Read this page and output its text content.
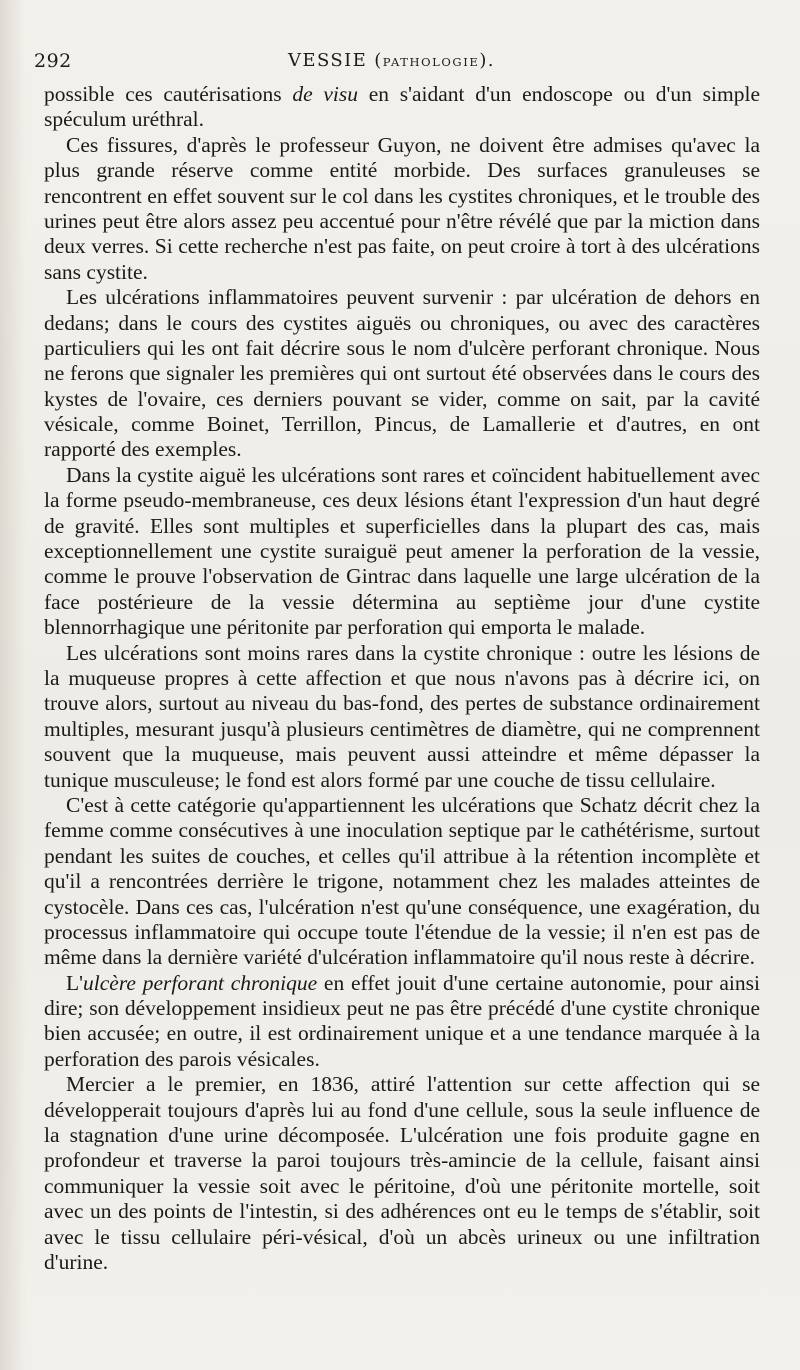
292	VESSIE (PATHOLOGIE).

possible ces cautérisations de visu en s'aidant d'un endoscope ou d'un simple spéculum uréthral.

Ces fissures, d'après le professeur Guyon, ne doivent être admises qu'avec la plus grande réserve comme entité morbide. Des surfaces granuleuses se rencontrent en effet souvent sur le col dans les cystites chroniques, et le trouble des urines peut être alors assez peu accentué pour n'être révélé que par la miction dans deux verres. Si cette recherche n'est pas faite, on peut croire à tort à des ulcérations sans cystite.

Les ulcérations inflammatoires peuvent survenir : par ulcération de dehors en dedans; dans le cours des cystites aiguës ou chroniques, ou avec des caractères particuliers qui les ont fait décrire sous le nom d'ulcère perforant chronique. Nous ne ferons que signaler les premières qui ont surtout été observées dans le cours des kystes de l'ovaire, ces derniers pouvant se vider, comme on sait, par la cavité vésicale, comme Boinet, Terrillon, Pincus, de Lamallerie et d'autres, en ont rapporté des exemples.

Dans la cystite aiguë les ulcérations sont rares et coïncident habituellement avec la forme pseudo-membraneuse, ces deux lésions étant l'expression d'un haut degré de gravité. Elles sont multiples et superficielles dans la plupart des cas, mais exceptionnellement une cystite suraiguë peut amener la perforation de la vessie, comme le prouve l'observation de Gintrac dans laquelle une large ulcération de la face postérieure de la vessie détermina au septième jour d'une cystite blennorrhagique une péritonite par perforation qui emporta le malade.

Les ulcérations sont moins rares dans la cystite chronique : outre les lésions de la muqueuse propres à cette affection et que nous n'avons pas à décrire ici, on trouve alors, surtout au niveau du bas-fond, des pertes de substance ordinairement multiples, mesurant jusqu'à plusieurs centimètres de diamètre, qui ne comprennent souvent que la muqueuse, mais peuvent aussi atteindre et même dépasser la tunique musculeuse; le fond est alors formé par une couche de tissu cellulaire.

C'est à cette catégorie qu'appartiennent les ulcérations que Schatz décrit chez la femme comme consécutives à une inoculation septique par le cathétérisme, surtout pendant les suites de couches, et celles qu'il attribue à la rétention incomplète et qu'il a rencontrées derrière le trigone, notamment chez les malades atteintes de cystocèle. Dans ces cas, l'ulcération n'est qu'une conséquence, une exagération, du processus inflammatoire qui occupe toute l'étendue de la vessie; il n'en est pas de même dans la dernière variété d'ulcération inflammatoire qu'il nous reste à décrire.

L'ulcère perforant chronique en effet jouit d'une certaine autonomie, pour ainsi dire; son développement insidieux peut ne pas être précédé d'une cystite chronique bien accusée; en outre, il est ordinairement unique et a une tendance marquée à la perforation des parois vésicales.

Mercier a le premier, en 1836, attiré l'attention sur cette affection qui se développerait toujours d'après lui au fond d'une cellule, sous la seule influence de la stagnation d'une urine décomposée. L'ulcération une fois produite gagne en profondeur et traverse la paroi toujours très-amincie de la cellule, faisant ainsi communiquer la vessie soit avec le péritoine, d'où une péritonite mortelle, soit avec un des points de l'intestin, si des adhérences ont eu le temps de s'établir, soit avec le tissu cellulaire péri-vésical, d'où un abcès urineux ou une infiltration d'urine.
